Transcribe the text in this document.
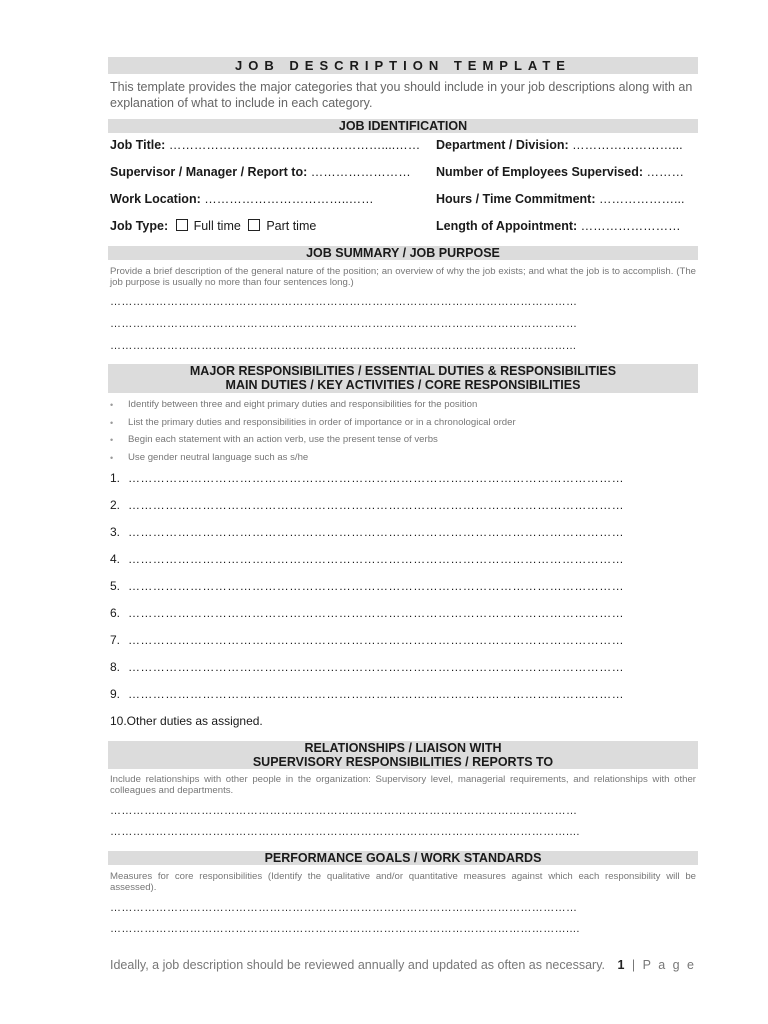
JOB DESCRIPTION TEMPLATE
This template provides the major categories that you should include in your job descriptions along with an explanation of what to include in each category.
JOB IDENTIFICATION
Job Title: ……………………………………………....…… Department / Division: ……………………...
Supervisor / Manager / Report to: …………………… Number of Employees Supervised: ………
Work Location: ……………………………..……	Hours / Time Commitment: ………………...
Job Type: Full time Part time	Length of Appointment: ……………………
JOB SUMMARY / JOB PURPOSE
Provide a brief description of the general nature of the position; an overview of why the job exists; and what the job is to accomplish. (The job purpose is usually no more than four sentences long.)
……………………………………………………………………………………………………………
……………………………………………………………………………………………………………
…………………………………………………………………………………………………………...
MAJOR RESPONSIBILITIES / ESSENTIAL DUTIES & RESPONSIBILITIES
MAIN DUTIES / KEY ACTIVITIES / CORE RESPONSIBILITIES
• Identify between three and eight primary duties and responsibilities for the position
• List the primary duties and responsibilities in order of importance or in a chronological order
• Begin each statement with an action verb, use the present tense of verbs
• Use gender neutral language such as s/he
1. …………………………………………………………………………………………………………
2. …………………………………………………………………………………………………………
3. …………………………………………………………………………………………………………
4. …………………………………………………………………………………………………………
5. …………………………………………………………………………………………………………
6. …………………………………………………………………………………………………………
7. …………………………………………………………………………………………………………
8. …………………………………………………………………………………………………………
9. …………………………………………………………………………………………………………
10.Other duties as assigned.
RELATIONSHIPS / LIAISON WITH
SUPERVISORY RESPONSIBILITIES / REPORTS TO
Include relationships with other people in the organization: Supervisory level, managerial requirements, and relationships with other colleagues and departments.
……………………………………………………………………………………………………………
…………………………………………………………………………………………………………....
PERFORMANCE GOALS / WORK STANDARDS
Measures for core responsibilities (Identify the qualitative and/or quantitative measures against which each responsibility will be assessed).
……………………………………………………………………………………………………………
…………………………………………………………………………………………………………....
Ideally, a job description should be reviewed annually and updated as often as necessary. 1 | P a g e
